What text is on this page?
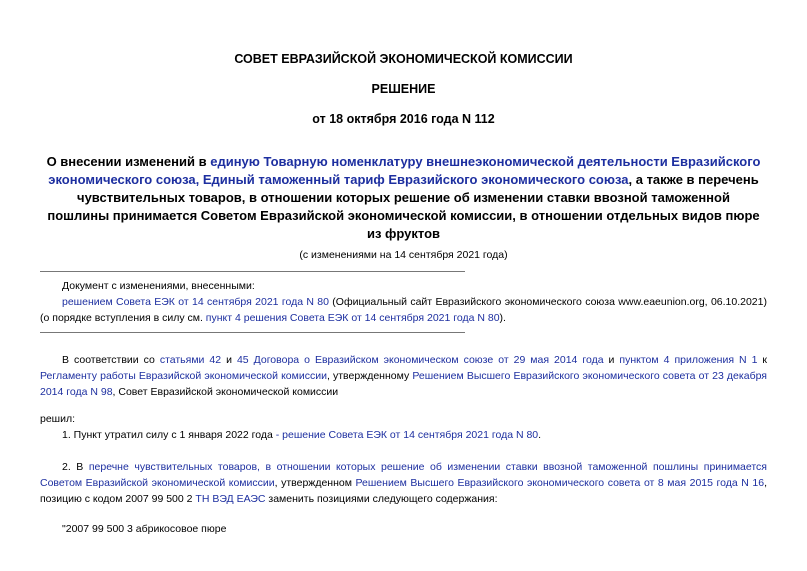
СОВЕТ ЕВРАЗИЙСКОЙ ЭКОНОМИЧЕСКОЙ КОМИССИИ
РЕШЕНИЕ
от 18 октября 2016 года N 112
О внесении изменений в единую Товарную номенклатуру внешнеэкономической деятельности Евразийского экономического союза, Единый таможенный тариф Евразийского экономического союза, а также в перечень чувствительных товаров, в отношении которых решение об изменении ставки ввозной таможенной пошлины принимается Советом Евразийской экономической комиссии, в отношении отдельных видов пюре из фруктов
(с изменениями на 14 сентября 2021 года)
Документ с изменениями, внесенными:
решением Совета ЕЭК от 14 сентября 2021 года N 80 (Официальный сайт Евразийского экономического союза www.eaeunion.org, 06.10.2021) (о порядке вступления в силу см. пункт 4 решения Совета ЕЭК от 14 сентября 2021 года N 80).
В соответствии со статьями 42 и 45 Договора о Евразийском экономическом союзе от 29 мая 2014 года и пунктом 4 приложения N 1 к Регламенту работы Евразийской экономической комиссии, утвержденному Решением Высшего Евразийского экономического совета от 23 декабря 2014 года N 98, Совет Евразийской экономической комиссии
решил:
1. Пункт утратил силу с 1 января 2022 года - решение Совета ЕЭК от 14 сентября 2021 года N 80.
2. В перечне чувствительных товаров, в отношении которых решение об изменении ставки ввозной таможенной пошлины принимается Советом Евразийской экономической комиссии, утвержденном Решением Высшего Евразийского экономического совета от 8 мая 2015 года N 16, позицию с кодом 2007 99 500 2 ТН ВЭД ЕАЭС заменить позициями следующего содержания:
"2007 99 500 3 абрикосовое пюре
